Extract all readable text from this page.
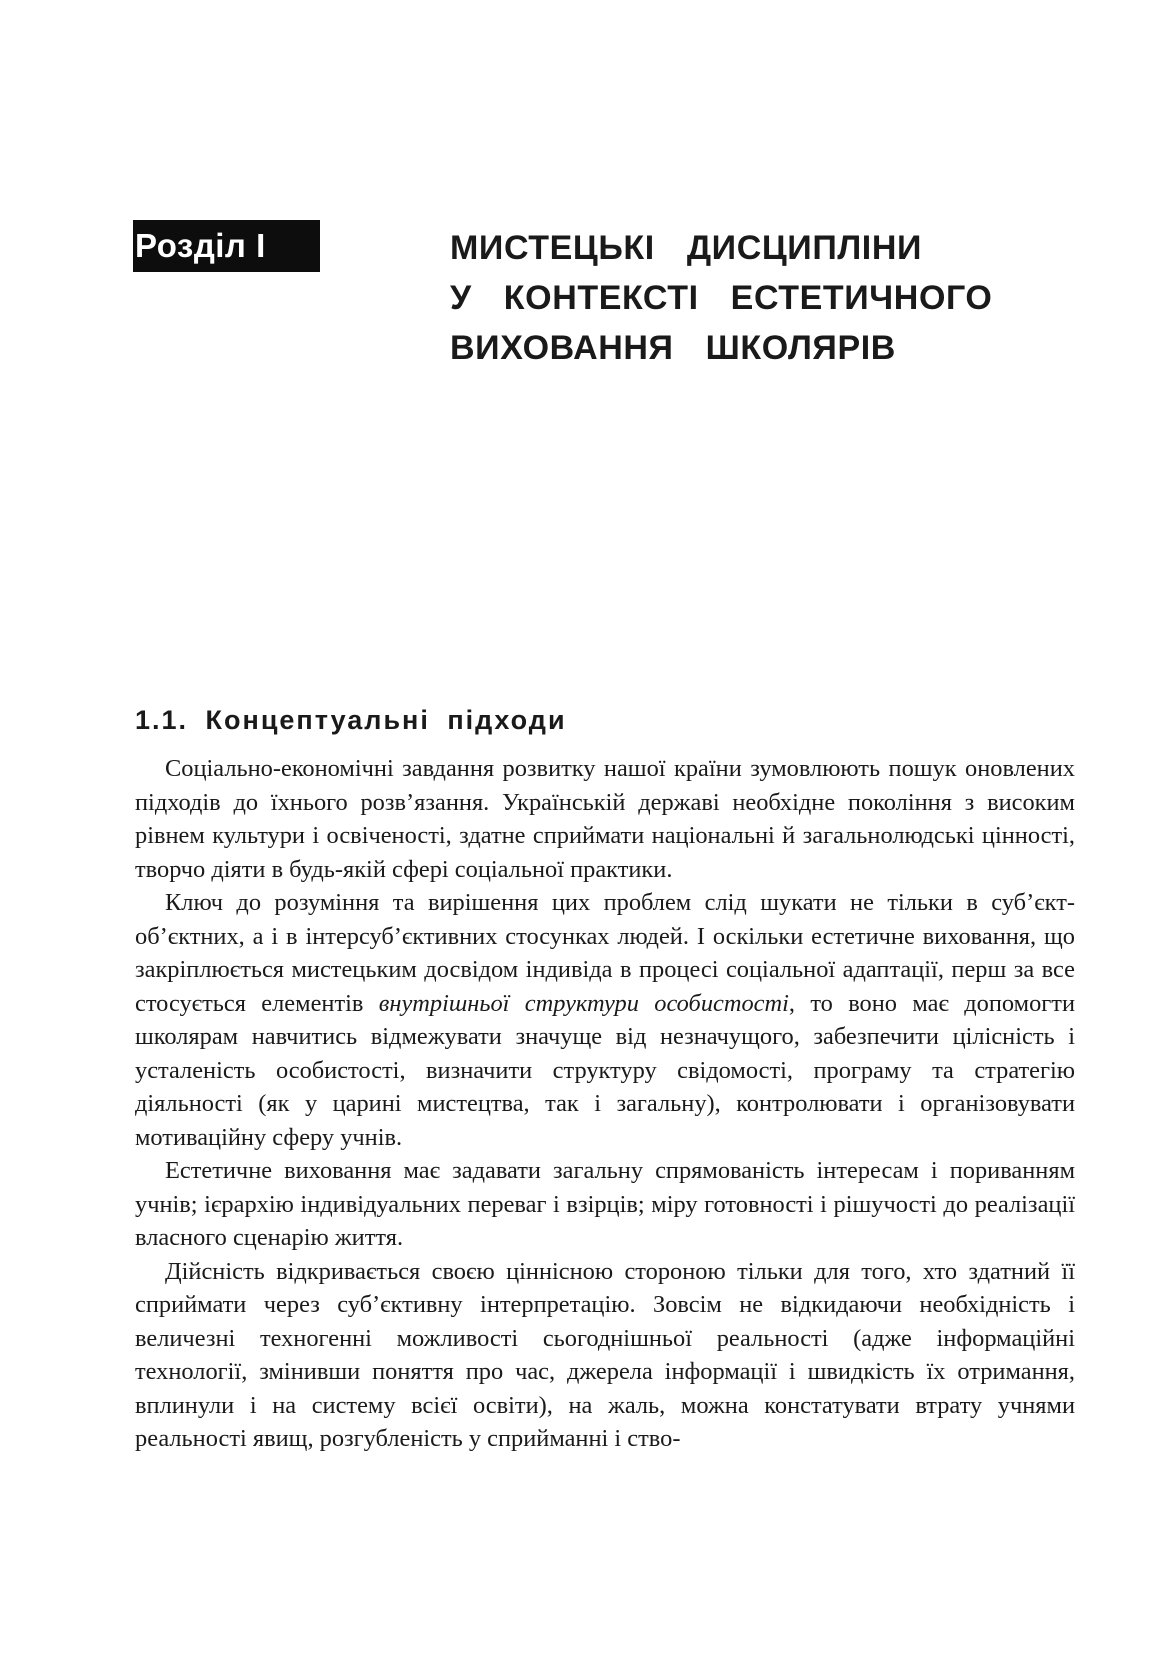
Розділ I	МИСТЕЦЬКІ ДИСЦИПЛІНИ
У КОНТЕКСТІ ЕСТЕТИЧНОГО
ВИХОВАННЯ ШКОЛЯРІВ
1.1. Концептуальні підходи

Соціально-економічні завдання розвитку нашої країни зумовлюють пошук оновлених підходів до їхнього розв’язання. Українській державі необхідне покоління з високим рівнем культури і освіченості, здатне сприймати національні й загальнолюдські цінності, творчо діяти в будь-якій сфері соціальної практики.

Ключ до розуміння та вирішення цих проблем слід шукати не тільки в суб’єкт-об’єктних, а і в інтерсуб’єктивних стосунках людей. І оскільки естетичне виховання, що закріплюється мистецьким досвідом індивіда в процесі соціальної адаптації, перш за все стосується елементів внутрішньої структури особистості, то воно має допомогти школярам навчитись відмежувати значуще від незначущого, забезпечити цілісність і усталеність особистості, визначити структуру свідомості, програму та стратегію діяльності (як у царині мистецтва, так і загальну), контролювати і організовувати мотиваційну сферу учнів.

Естетичне виховання має задавати загальну спрямованість інтересам і пориванням учнів; ієрархію індивідуальних переваг і взірців; міру готовності і рішучості до реалізації власного сценарію життя.

Дійсність відкривається своєю ціннісною стороною тільки для того, хто здатний її сприймати через суб’єктивну інтерпретацію. Зовсім не відкидаючи необхідність і величезні техногенні можливості сьогоднішньої реальності (адже інформаційні технології, змінивши поняття про час, джерела інформації і швидкість їх отримання, вплинули і на систему всієї освіти), на жаль, можна констатувати втрату учнями реальності явищ, розгубленість у сприйманні і ство-
